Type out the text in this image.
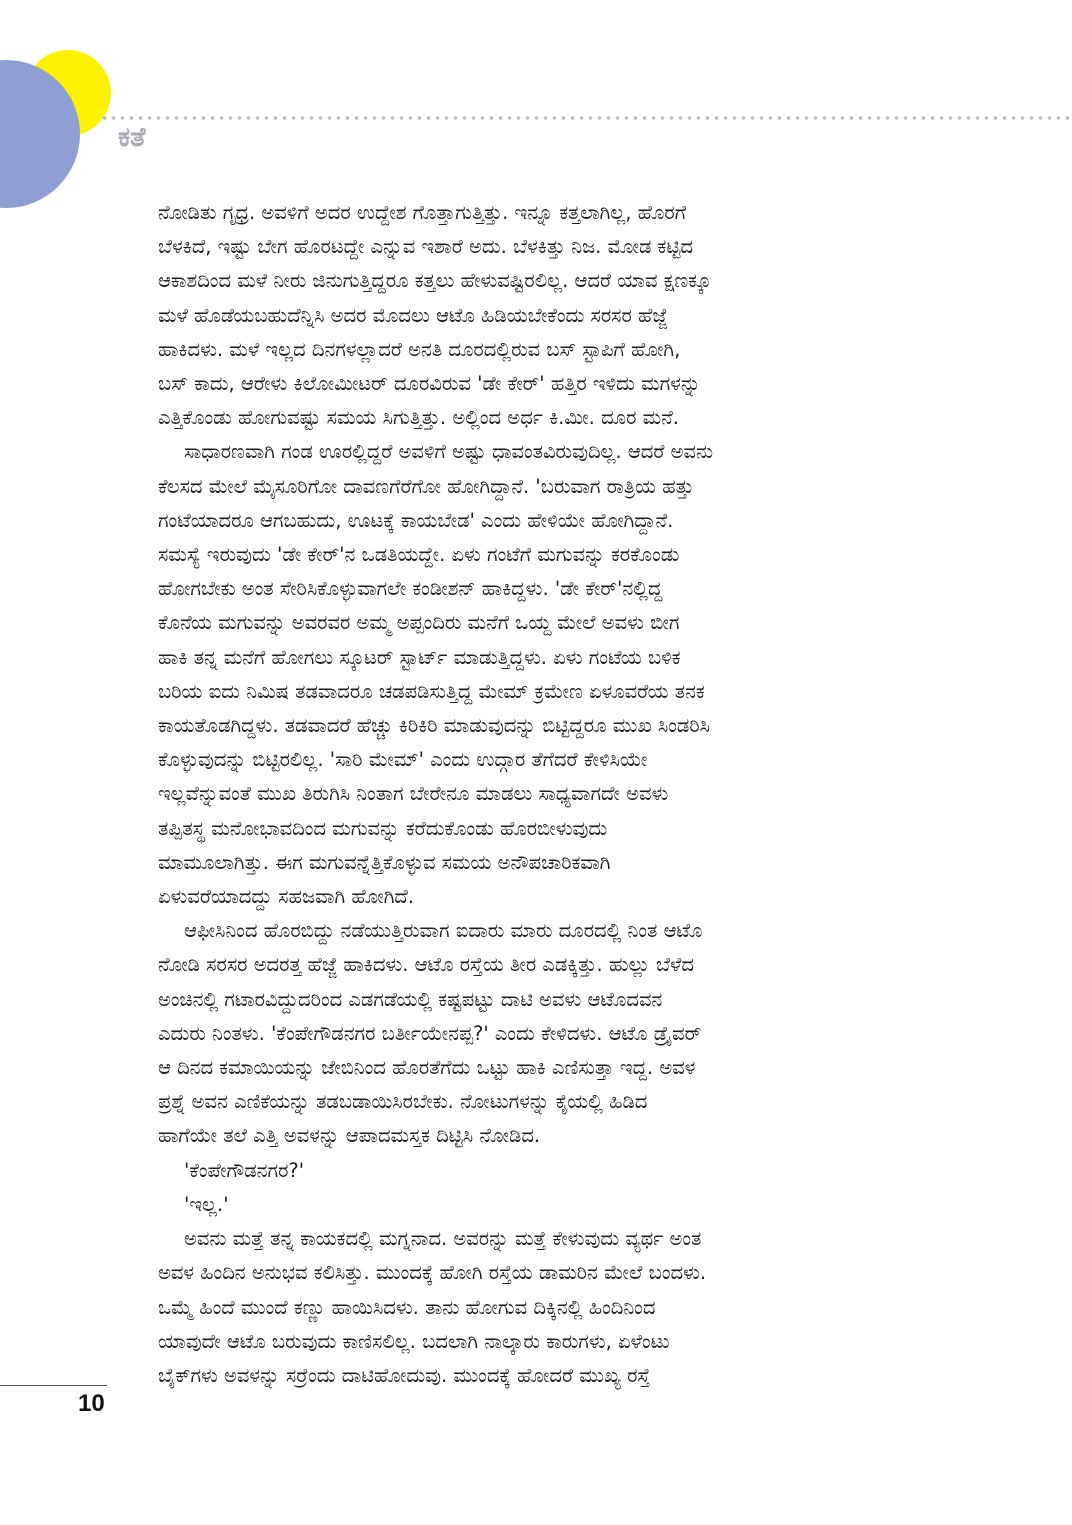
ಕತೆ
ನೋಡಿತು ಗೃಧ್ರ. ಅವಳಿಗೆ ಅದರ ಉದ್ದೇಶ ಗೊತ್ತಾಗುತ್ತಿತ್ತು. ಇನ್ನೂ ಕತ್ತಲಾಗಿಲ್ಲ, ಹೊರಗೆ
ಬೆಳಕಿದೆ, ಇಷ್ಟು ಬೇಗ ಹೊರಟದ್ದೇ ಎನ್ನುವ ಇಶಾರೆ ಅದು. ಬೆಳಕಿತ್ತು ನಿಜ. ಮೋಡ ಕಟ್ಟಿದ
ಆಕಾಶದಿಂದ ಮಳೆ ನೀರು ಜಿನುಗುತ್ತಿದ್ದರೂ ಕತ್ತಲು ಹೇಳುವಷ್ಟಿರಲಿಲ್ಲ. ಆದರೆ ಯಾವ ಕ್ಷಣಕ್ಕೂ
ಮಳೆ ಹೊಡೆಯಬಹುದೆನ್ನಿಸಿ ಅದರ ಮೊದಲು ಆಟೊ ಹಿಡಿಯಬೇಕೆಂದು ಸರಸರ ಹೆಜ್ಜೆ
ಹಾಕಿದಳು. ಮಳೆ ಇಲ್ಲದ ದಿನಗಳಲ್ಲಾದರೆ ಅನತಿ ದೂರದಲ್ಲಿರುವ ಬಸ್ ಸ್ಟಾಪಿಗೆ ಹೋಗಿ,
ಬಸ್ ಕಾದು, ಆರೇಳು ಕಿಲೋಮೀಟರ್ ದೂರವಿರುವ 'ಡೇ ಕೇರ್' ಹತ್ತಿರ ಇಳಿದು ಮಗಳನ್ನು
ಎತ್ತಿಕೊಂಡು ಹೋಗುವಷ್ಟು ಸಮಯ ಸಿಗುತ್ತಿತ್ತು. ಅಲ್ಲಿಂದ ಅರ್ಧ ಕಿ.ಮೀ. ದೂರ ಮನೆ.
ಸಾಧಾರಣವಾಗಿ ಗಂಡ ಊರಲ್ಲಿದ್ದರೆ ಅವಳಿಗೆ ಅಷ್ಟು ಧಾವಂತವಿರುವುದಿಲ್ಲ. ಆದರೆ ಅವನು
ಕೆಲಸದ ಮೇಲೆ ಮೈಸೂರಿಗೋ ದಾವಣಗೆರೆಗೋ ಹೋಗಿದ್ದಾನೆ. 'ಬರುವಾಗ ರಾತ್ರಿಯ ಹತ್ತು
ಗಂಟೆಯಾದರೂ ಆಗಬಹುದು, ಊಟಕ್ಕೆ ಕಾಯಬೇಡ' ಎಂದು ಹೇಳಿಯೇ ಹೋಗಿದ್ದಾನೆ.
ಸಮಸ್ಯೆ ಇರುವುದು 'ಡೇ ಕೇರ್'ನ ಒಡತಿಯದ್ದೇ. ಏಳು ಗಂಟೆಗೆ ಮಗುವನ್ನು ಕರಕೊಂಡು
ಹೋಗಬೇಕು ಅಂತ ಸೇರಿಸಿಕೊಳ್ಳುವಾಗಲೇ ಕಂಡೀಶನ್ ಹಾಕಿದ್ದಳು. 'ಡೇ ಕೇರ್'ನಲ್ಲಿದ್ದ
ಕೊನೆಯ ಮಗುವನ್ನು ಅವರವರ ಅಮ್ಮ ಅಪ್ಪಂದಿರು ಮನೆಗೆ ಒಯ್ದ ಮೇಲೆ ಅವಳು ಬೀಗ
ಹಾಕಿ ತನ್ನ ಮನೆಗೆ ಹೋಗಲು ಸ್ಕೂಟರ್ ಸ್ಟಾರ್ಟ್ ಮಾಡುತ್ತಿದ್ದಳು. ಏಳು ಗಂಟೆಯ ಬಳಿಕ
ಬರಿಯ ಐದು ನಿಮಿಷ ತಡವಾದರೂ ಚಡಪಡಿಸುತ್ತಿದ್ದ ಮೇಮ್ ಕ್ರಮೇಣ ಏಳೂವರೆಯ ತನಕ
ಕಾಯತೊಡಗಿದ್ದಳು. ತಡವಾದರೆ ಹೆಚ್ಚು ಕಿರಿಕಿರಿ ಮಾಡುವುದನ್ನು ಬಿಟ್ಟಿದ್ದರೂ ಮುಖ ಸಿಂಡರಿಸಿ
ಕೊಳ್ಳುವುದನ್ನು ಬಿಟ್ಟಿರಲಿಲ್ಲ. 'ಸಾರಿ ಮೇಮ್' ಎಂದು ಉದ್ಗಾರ ತೆಗೆದರೆ ಕೇಳಿಸಿಯೇ
ಇಲ್ಲವೆನ್ನುವಂತೆ ಮುಖ ತಿರುಗಿಸಿ ನಿಂತಾಗ ಬೇರೇನೂ ಮಾಡಲು ಸಾಧ್ಯವಾಗದೇ ಅವಳು
ತಪ್ಪಿತಸ್ಥ ಮನೋಭಾವದಿಂದ ಮಗುವನ್ನು ಕರೆದುಕೊಂಡು ಹೊರಬೀಳುವುದು
ಮಾಮೂಲಾಗಿತ್ತು. ಈಗ ಮಗುವನ್ನೆತ್ತಿಕೊಳ್ಳುವ ಸಮಯ ಅನೌಪಚಾರಿಕವಾಗಿ
ಏಳುವರೆಯಾದದ್ದು ಸಹಜವಾಗಿ ಹೋಗಿದೆ.
ಆಫೀಸಿನಿಂದ ಹೊರಬಿದ್ದು ನಡೆಯುತ್ತಿರುವಾಗ ಐದಾರು ಮಾರು ದೂರದಲ್ಲಿ ನಿಂತ ಆಟೊ
ನೋಡಿ ಸರಸರ ಅದರತ್ತ ಹೆಜ್ಜೆ ಹಾಕಿದಳು. ಆಟೊ ರಸ್ತೆಯ ತೀರ ಎಡಕ್ಕಿತ್ತು. ಹುಲ್ಲು ಬೆಳೆದ
ಅಂಚಿನಲ್ಲಿ ಗಟಾರವಿದ್ದುದರಿಂದ ಎಡಗಡೆಯಲ್ಲಿ ಕಷ್ಟಪಟ್ಟು ದಾಟಿ ಅವಳು ಆಟೊದವನ
ಎದುರು ನಿಂತಳು. 'ಕೆಂಪೇಗೌಡನಗರ ಬರ್ತೀಯೇನಪ್ಪ?' ಎಂದು ಕೇಳಿದಳು. ಆಟೊ ಡ್ರೈವರ್
ಆ ದಿನದ ಕಮಾಯಿಯನ್ನು ಜೇಬಿನಿಂದ ಹೊರತೆಗೆದು ಒಟ್ಟು ಹಾಕಿ ಎಣಿಸುತ್ತಾ ಇದ್ದ. ಅವಳ
ಪ್ರಶ್ನೆ ಅವನ ಎಣಿಕೆಯನ್ನು ತಡಬಡಾಯಿಸಿರಬೇಕು. ನೋಟುಗಳನ್ನು ಕೈಯಲ್ಲಿ ಹಿಡಿದ
ಹಾಗೆಯೇ ತಲೆ ಎತ್ತಿ ಅವಳನ್ನು ಆಪಾದಮಸ್ತಕ ದಿಟ್ಟಿಸಿ ನೋಡಿದ.
'ಕೆಂಪೇಗೌಡನಗರ?'
'ಇಲ್ಲ.'
ಅವನು ಮತ್ತೆ ತನ್ನ ಕಾಯಕದಲ್ಲಿ ಮಗ್ನನಾದ. ಅವರನ್ನು ಮತ್ತೆ ಕೇಳುವುದು ವ್ಯರ್ಥ ಅಂತ
ಅವಳ ಹಿಂದಿನ ಅನುಭವ ಕಲಿಸಿತ್ತು. ಮುಂದಕ್ಕೆ ಹೋಗಿ ರಸ್ತೆಯ ಡಾಮರಿನ ಮೇಲೆ ಬಂದಳು.
ಒಮ್ಮೆ ಹಿಂದೆ ಮುಂದೆ ಕಣ್ಣು ಹಾಯಿಸಿದಳು. ತಾನು ಹೋಗುವ ದಿಕ್ಕಿನಲ್ಲಿ ಹಿಂದಿನಿಂದ
ಯಾವುದೇ ಆಟೊ ಬರುವುದು ಕಾಣಿಸಲಿಲ್ಲ. ಬದಲಾಗಿ ನಾಲ್ಕಾರು ಕಾರುಗಳು, ಏಳೆಂಟು
ಬೈಕ್‌ಗಳು ಅವಳನ್ನು ಸರ್ರೆಂದು ದಾಟಿಹೋದುವು. ಮುಂದಕ್ಕೆ ಹೋದರೆ ಮುಖ್ಯ ರಸ್ತೆ
10
